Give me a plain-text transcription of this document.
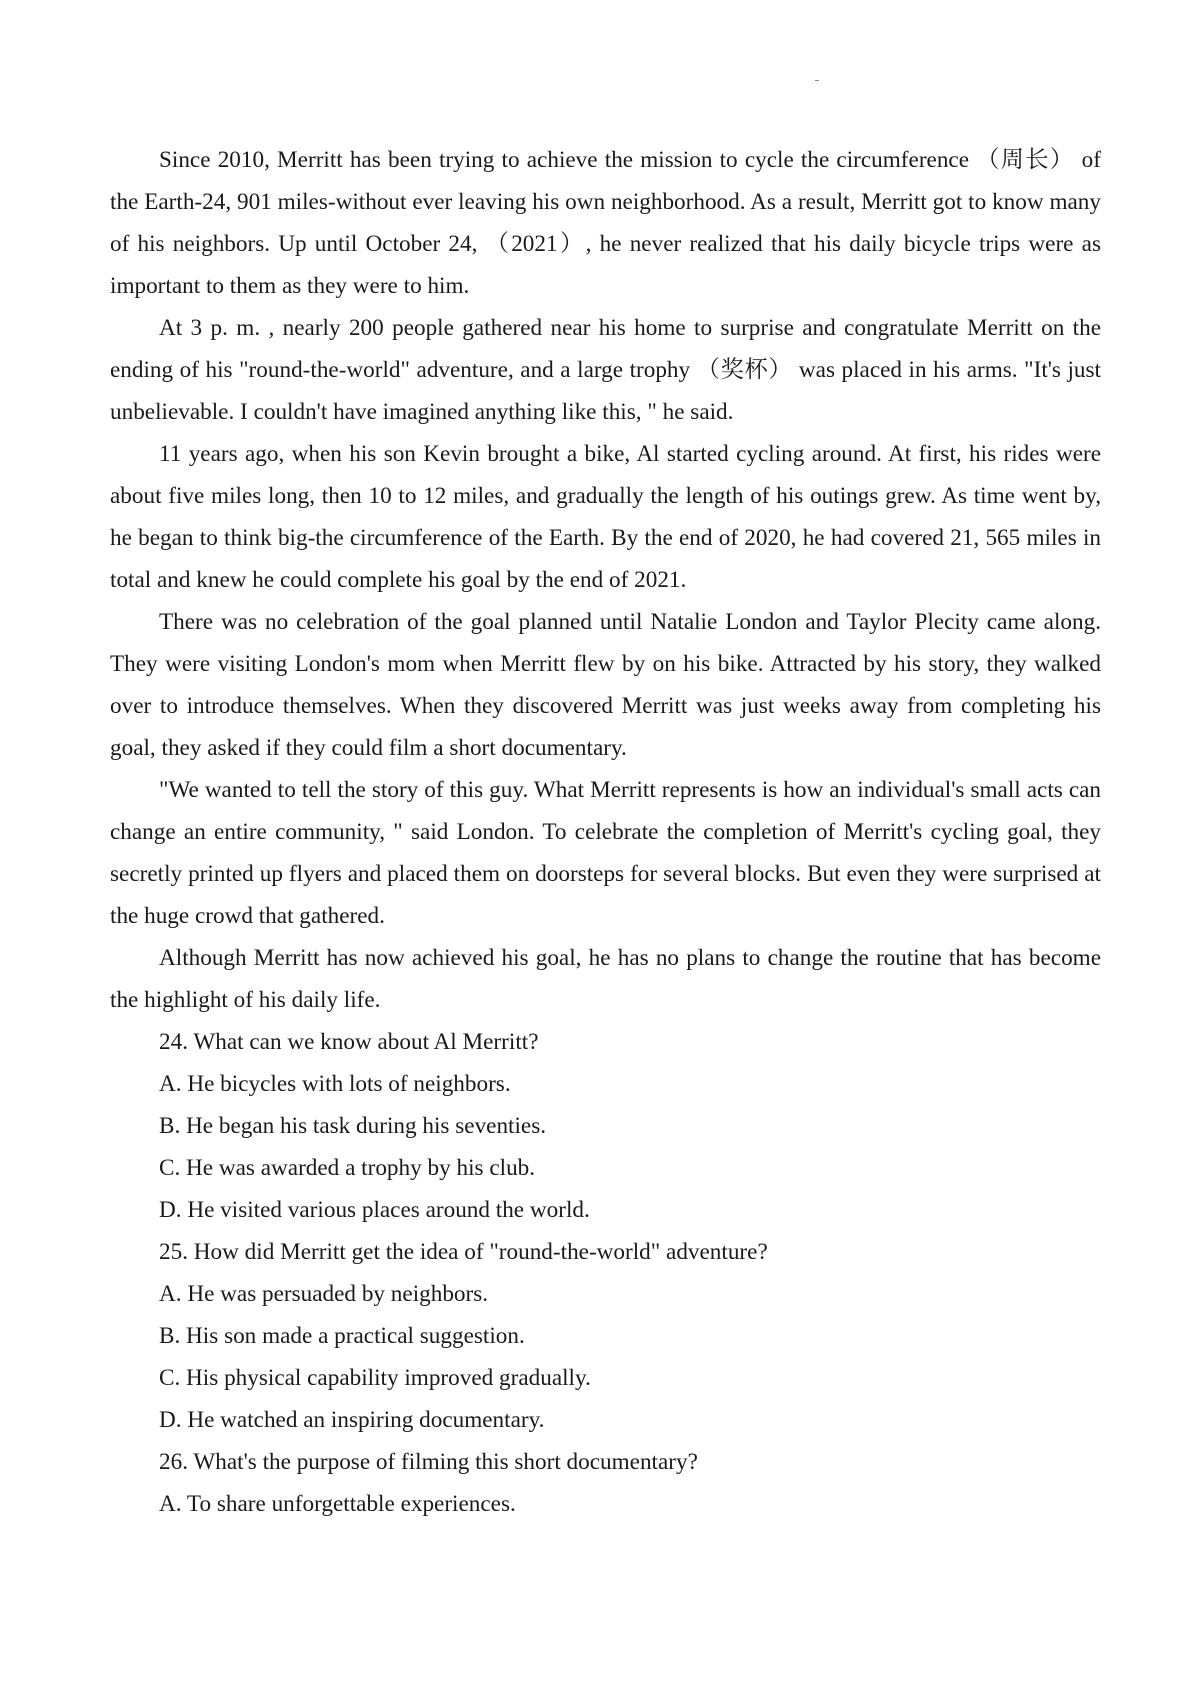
Since 2010, Merritt has been trying to achieve the mission to cycle the circumference （周长） of the Earth-24, 901 miles-without ever leaving his own neighborhood. As a result, Merritt got to know many of his neighbors. Up until October 24, （2021）, he never realized that his daily bicycle trips were as important to them as they were to him.

At 3 p. m. , nearly 200 people gathered near his home to surprise and congratulate Merritt on the ending of his "round-the-world" adventure, and a large trophy （奖杯） was placed in his arms. "It's just unbelievable. I couldn't have imagined anything like this, " he said.

11 years ago, when his son Kevin brought a bike, Al started cycling around. At first, his rides were about five miles long, then 10 to 12 miles, and gradually the length of his outings grew. As time went by, he began to think big-the circumference of the Earth. By the end of 2020, he had covered 21, 565 miles in total and knew he could complete his goal by the end of 2021.

There was no celebration of the goal planned until Natalie London and Taylor Plecity came along. They were visiting London's mom when Merritt flew by on his bike. Attracted by his story, they walked over to introduce themselves. When they discovered Merritt was just weeks away from completing his goal, they asked if they could film a short documentary.

"We wanted to tell the story of this guy. What Merritt represents is how an individual's small acts can change an entire community, " said London. To celebrate the completion of Merritt's cycling goal, they secretly printed up flyers and placed them on doorsteps for several blocks. But even they were surprised at the huge crowd that gathered.

Although Merritt has now achieved his goal, he has no plans to change the routine that has become the highlight of his daily life.

24. What can we know about Al Merritt?

A. He bicycles with lots of neighbors.

B. He began his task during his seventies.

C. He was awarded a trophy by his club.

D. He visited various places around the world.

25. How did Merritt get the idea of "round-the-world" adventure?

A. He was persuaded by neighbors.

B. His son made a practical suggestion.

C. His physical capability improved gradually.

D. He watched an inspiring documentary.

26. What's the purpose of filming this short documentary?

A. To share unforgettable experiences.
